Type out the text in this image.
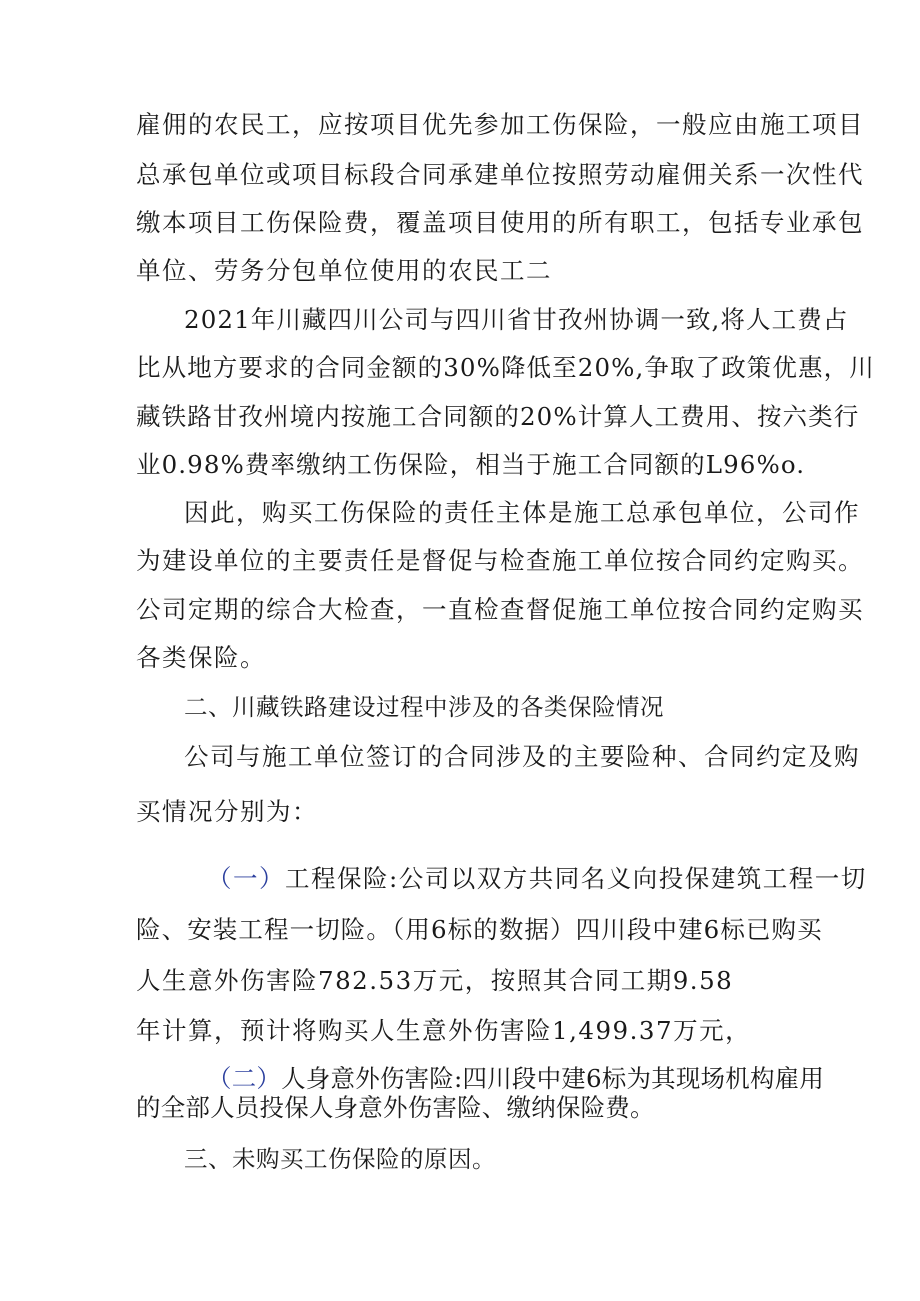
雇佣的农民工，应按项目优先参加工伤保险，一般应由施工项目
总承包单位或项目标段合同承建单位按照劳动雇佣关系一次性代
缴本项目工伤保险费，覆盖项目使用的所有职工，包括专业承包
单位、劳务分包单位使用的农民工二
2021年川藏四川公司与四川省甘孜州协调一致,将人工费占
比从地方要求的合同金额的30%降低至20%,争取了政策优惠，川
藏铁路甘孜州境内按施工合同额的20%计算人工费用、按六类行
业0.98%费率缴纳工伤保险，相当于施工合同额的L96%o.
因此，购买工伤保险的责任主体是施工总承包单位，公司作
为建设单位的主要责任是督促与检查施工单位按合同约定购买。
公司定期的综合大检查，一直检查督促施工单位按合同约定购买
各类保险。
二、川藏铁路建设过程中涉及的各类保险情况
公司与施工单位签订的合同涉及的主要险种、合同约定及购
买情况分别为：
（一）工程保险:公司以双方共同名义向投保建筑工程一切
险、安装工程一切险。（用6标的数据）四川段中建6标已购买
人生意外伤害险782.53万元，按照其合同工期9.58
年计算，预计将购买人生意外伤害险1,499.37万元，
（二）人身意外伤害险:四川段中建6标为其现场机构雇用
的全部人员投保人身意外伤害险、缴纳保险费。
三、未购买工伤保险的原因。
